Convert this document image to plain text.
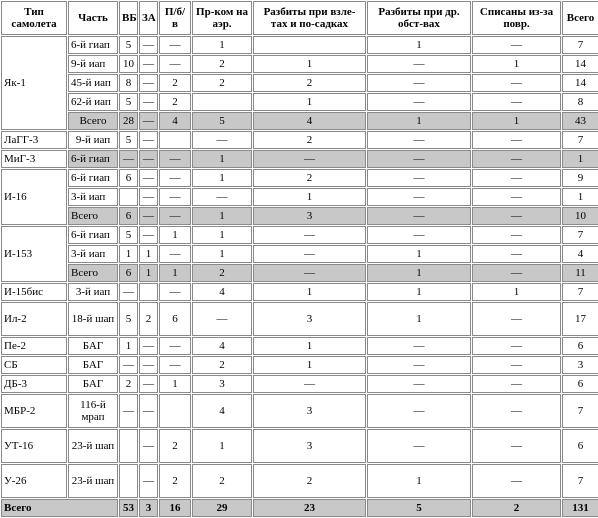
Тип самолета	Часть	ВБ	ЗА	П/б/в	Пр-ком на аэр.	Разбиты при взле-тах и по-садках	Разбиты при др. обст-вах	Списаны из-за повр.	Всего
Як-1	6-й гиап	5	—	—	1		1	—	7
	9-й иап	10	—	—	2	1	—	1	14
	45-й иап	8	—	2	2	2	—	—	14
	62-й иап	5	—	2		1	—	—	8
	Всего	28	—	4	5	4	1	1	43
ЛаГГ-3	9-й иап	5	—		—	2	—	—	7
МиГ-3	6-й гиап	—	—	—	1	—	—	—	1
И-16	6-й гиап	6	—	—	1	2	—	—	9
	3-й иап		—	—	—	1	—	—	1
	Всего	6	—	—	1	3	—	—	10
И-153	6-й гиап	5	—	1	1	—	—	—	7
	3-й иап	1	1	—	1	—	1	—	4
	Всего	6	1	1	2	—	1	—	11
И-15бис	3-й иап	—		—	4	1	1	1	7
Ил-2	18-й шап	5	2	6	—	3	1	—	17
Пе-2	БАГ	1	—	—	4	1	—	—	6
СБ	БАГ	—	—	—	2	1	—	—	3
ДБ-3	БАГ	2	—	1	3	—	—	—	6
МБР-2	116-й мрап	—	—		4	3	—	—	7
УТ-16	23-й шап		—	2	1	3	—	—	6
У-26	23-й шап		—	2	2	2	1	—	7
Всего		53	3	16	29	23	5	2	131
